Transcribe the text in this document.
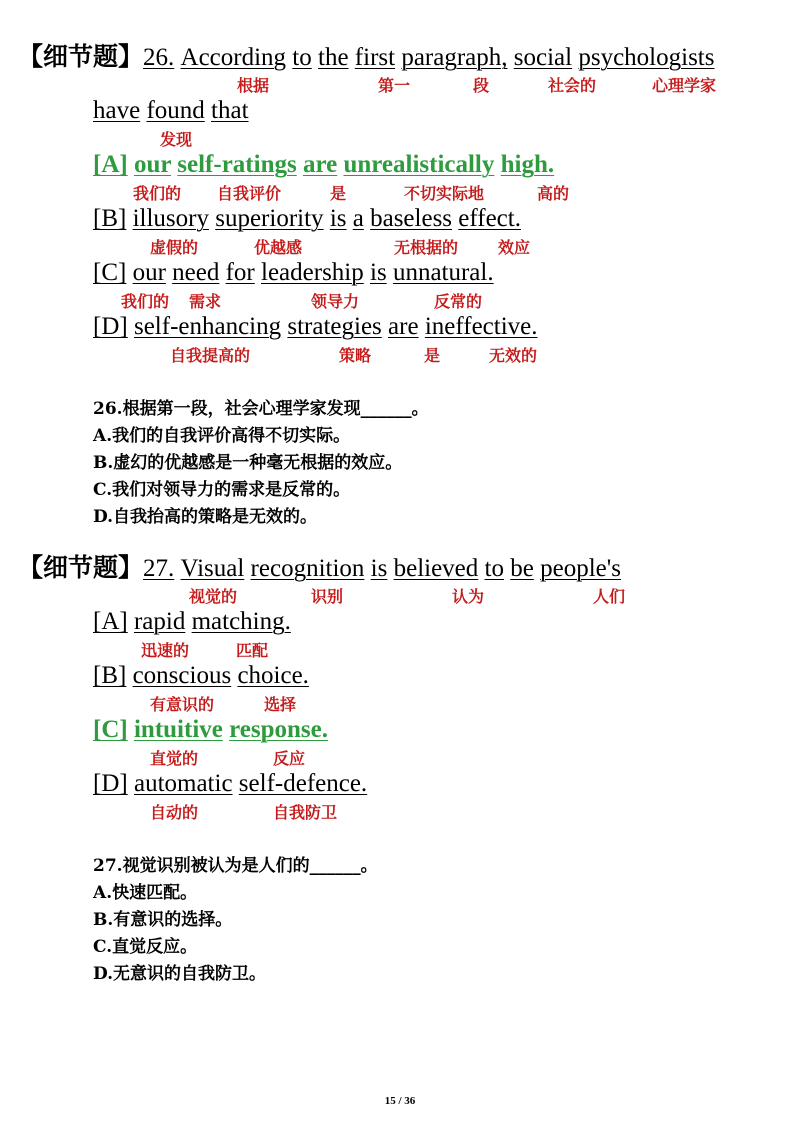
【细节题】26. According to the first paragraph, social psychologists
根据	第一	段	社会的	心理学家
have found that
发现
[A] our self-ratings are unrealistically high.
我们的 自我评价	是	不切实际地	高的
[B] illusory superiority is a baseless effect.
虚假的	优越感	无根据的 效应
[C] our need for leadership is unnatural.
我们的 需求	领导力	反常的
[D] self-enhancing strategies are ineffective.
自我提高的	策略	是	无效的
26.根据第一段，社会心理学家发现______。
A.我们的自我评价高得不切实际。
B.虚幻的优越感是一种毫无根据的效应。
C.我们对领导力的需求是反常的。
D.自我抬高的策略是无效的。
【细节题】27. Visual recognition is believed to be people's
视觉的	识别	认为	人们
[A] rapid matching.
迅速的	匹配
[B] conscious choice.
有意识的	选择
[C] intuitive response.
直觉的	反应
[D] automatic self-defence.
自动的	自我防卫
27.视觉识别被认为是人们的______。
A.快速匹配。
B.有意识的选择。
C.直觉反应。
D.无意识的自我防卫。
15 / 36
